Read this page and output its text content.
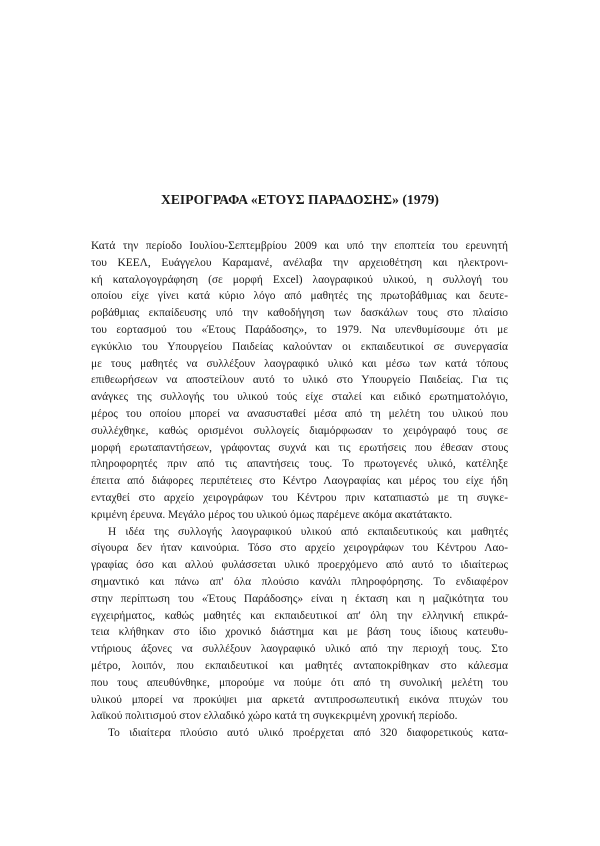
ΧΕΙΡΟΓΡΑΦΑ «ΕΤΟΥΣ ΠΑΡΑΔΟΣΗΣ» (1979)
Κατά την περίοδο Ιουλίου-Σεπτεμβρίου 2009 και υπό την εποπτεία του ερευνητή
του ΚΕΕΛ, Ευάγγελου Καραμανέ, ανέλαβα την αρχειοθέτηση και ηλεκτρονι-
κή καταλογογράφηση (σε μορφή Excel) λαογραφικού υλικού, η συλλογή του
οποίου είχε γίνει κατά κύριο λόγο από μαθητές της πρωτοβάθμιας και δευτε-
ροβάθμιας εκπαίδευσης υπό την καθοδήγηση των δασκάλων τους στο πλαίσιο
του εορτασμού του «Έτους Παράδοσης», το 1979. Να υπενθυμίσουμε ότι με
εγκύκλιο του Υπουργείου Παιδείας καλούνταν οι εκπαιδευτικοί σε συνεργασία
με τους μαθητές να συλλέξουν λαογραφικό υλικό και μέσω των κατά τόπους
επιθεωρήσεων να αποστείλουν αυτό το υλικό στο Υπουργείο Παιδείας. Για τις
ανάγκες της συλλογής του υλικού τούς είχε σταλεί και ειδικό ερωτηματολόγιο,
μέρος του οποίου μπορεί να ανασυσταθεί μέσα από τη μελέτη του υλικού που
συλλέχθηκε, καθώς ορισμένοι συλλογείς διαμόρφωσαν το χειρόγραφό τους σε
μορφή ερωταπαντήσεων, γράφοντας συχνά και τις ερωτήσεις που έθεσαν στους
πληροφορητές πριν από τις απαντήσεις τους. Το πρωτογενές υλικό, κατέληξε
έπειτα από διάφορες περιπέτειες στο Κέντρο Λαογραφίας και μέρος του είχε ήδη
ενταχθεί στο αρχείο χειρογράφων του Κέντρου πριν καταπιαστώ με τη συγκε-
κριμένη έρευνα. Μεγάλο μέρος του υλικού όμως παρέμενε ακόμα ακατάτακτο.
Η ιδέα της συλλογής λαογραφικού υλικού από εκπαιδευτικούς και μαθητές
σίγουρα δεν ήταν καινούρια. Τόσο στο αρχείο χειρογράφων του Κέντρου Λαο-
γραφίας όσο και αλλού φυλάσσεται υλικό προερχόμενο από αυτό το ιδιαίτερως
σημαντικό και πάνω απ' όλα πλούσιο κανάλι πληροφόρησης. Το ενδιαφέρον
στην περίπτωση του «Έτους Παράδοσης» είναι η έκταση και η μαζικότητα του
εγχειρήματος, καθώς μαθητές και εκπαιδευτικοί απ' όλη την ελληνική επικρά-
τεια κλήθηκαν στο ίδιο χρονικό διάστημα και με βάση τους ίδιους κατευθυ-
ντήριους άξονες να συλλέξουν λαογραφικό υλικό από την περιοχή τους. Στο
μέτρο, λοιπόν, που εκπαιδευτικοί και μαθητές ανταποκρίθηκαν στο κάλεσμα
που τους απευθύνθηκε, μπορούμε να πούμε ότι από τη συνολική μελέτη του
υλικού μπορεί να προκύψει μια αρκετά αντιπροσωπευτική εικόνα πτυχών του
λαϊκού πολιτισμού στον ελλαδικό χώρο κατά τη συγκεκριμένη χρονική περίοδο.
Το ιδιαίτερα πλούσιο αυτό υλικό προέρχεται από 320 διαφορετικούς κατα-
